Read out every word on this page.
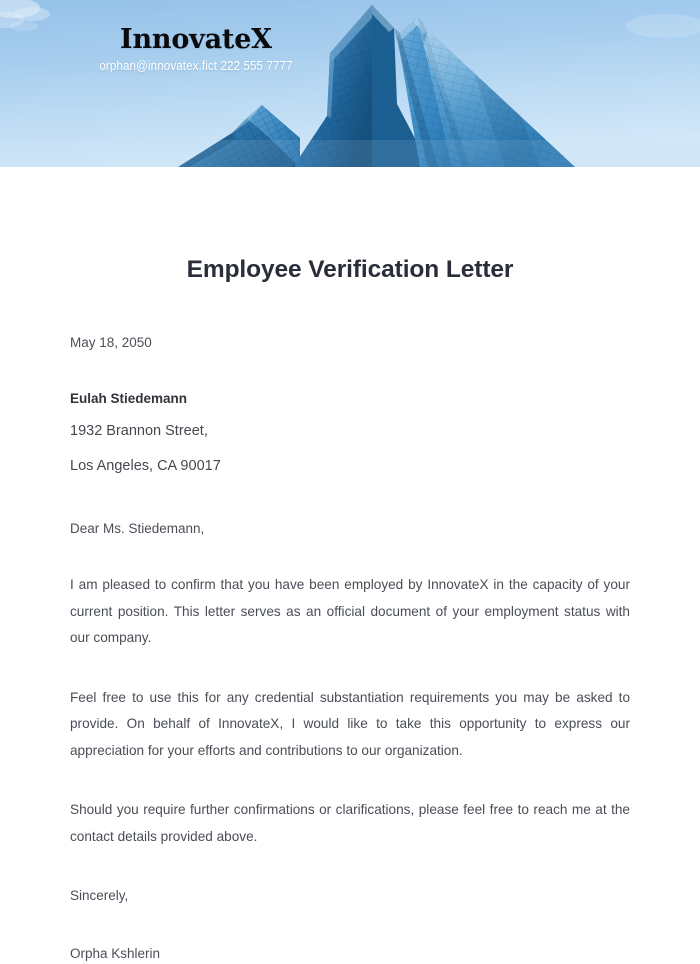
InnovateX
orphan@innovatex.fict 222 555 7777
Employee Verification Letter

May 18, 2050

Eulah Stiedemann

1932 Brannon Street,

Los Angeles, CA 90017

Dear Ms. Stiedemann,

I am pleased to confirm that you have been employed by InnovateX in the capacity of your current position. This letter serves as an official document of your employment status with our company.

Feel free to use this for any credential substantiation requirements you may be asked to provide. On behalf of InnovateX, I would like to take this opportunity to express our appreciation for your efforts and contributions to our organization.

Should you require further confirmations or clarifications, please feel free to reach me at the contact details provided above.

Sincerely,

Orpha Kshlerin
